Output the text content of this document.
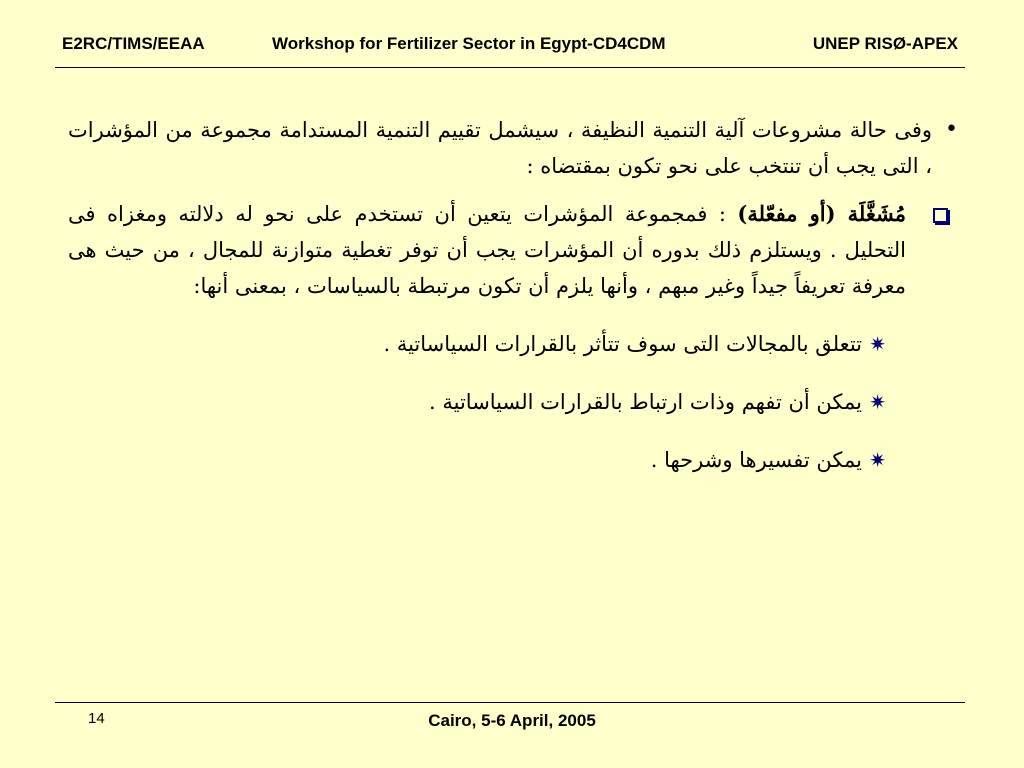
E2RC/TIMS/EEAA	Workshop for Fertilizer Sector in Egypt-CD4CDM	UNEP RISØ-APEX
•
وفى حالة مشروعات آلية التنمية النظيفة ، سيشمل تقييم التنمية المستدامة مجموعة من المؤشرات ، التى يجب أن تنتخب على نحو تكون بمقتضاه :
مُشَغَّلَة (أو مفعّلة) : فمجموعة المؤشرات يتعين أن تستخدم على نحو له دلالته ومغزاه فى التحليل . ويستلزم ذلك بدوره أن المؤشرات يجب أن توفر تغطية متوازنة للمجال ، من حيث هى معرفة تعريفاً جيداً وغير مبهم ، وأنها يلزم أن تكون مرتبطة بالسياسات ، بمعنى أنها:
✷
تتعلق بالمجالات التى سوف تتأثر بالقرارات السياساتية .
✷
يمكن أن تفهم وذات ارتباط بالقرارات السياساتية .
✷
يمكن تفسيرها وشرحها .
14	Cairo, 5-6 April, 2005
